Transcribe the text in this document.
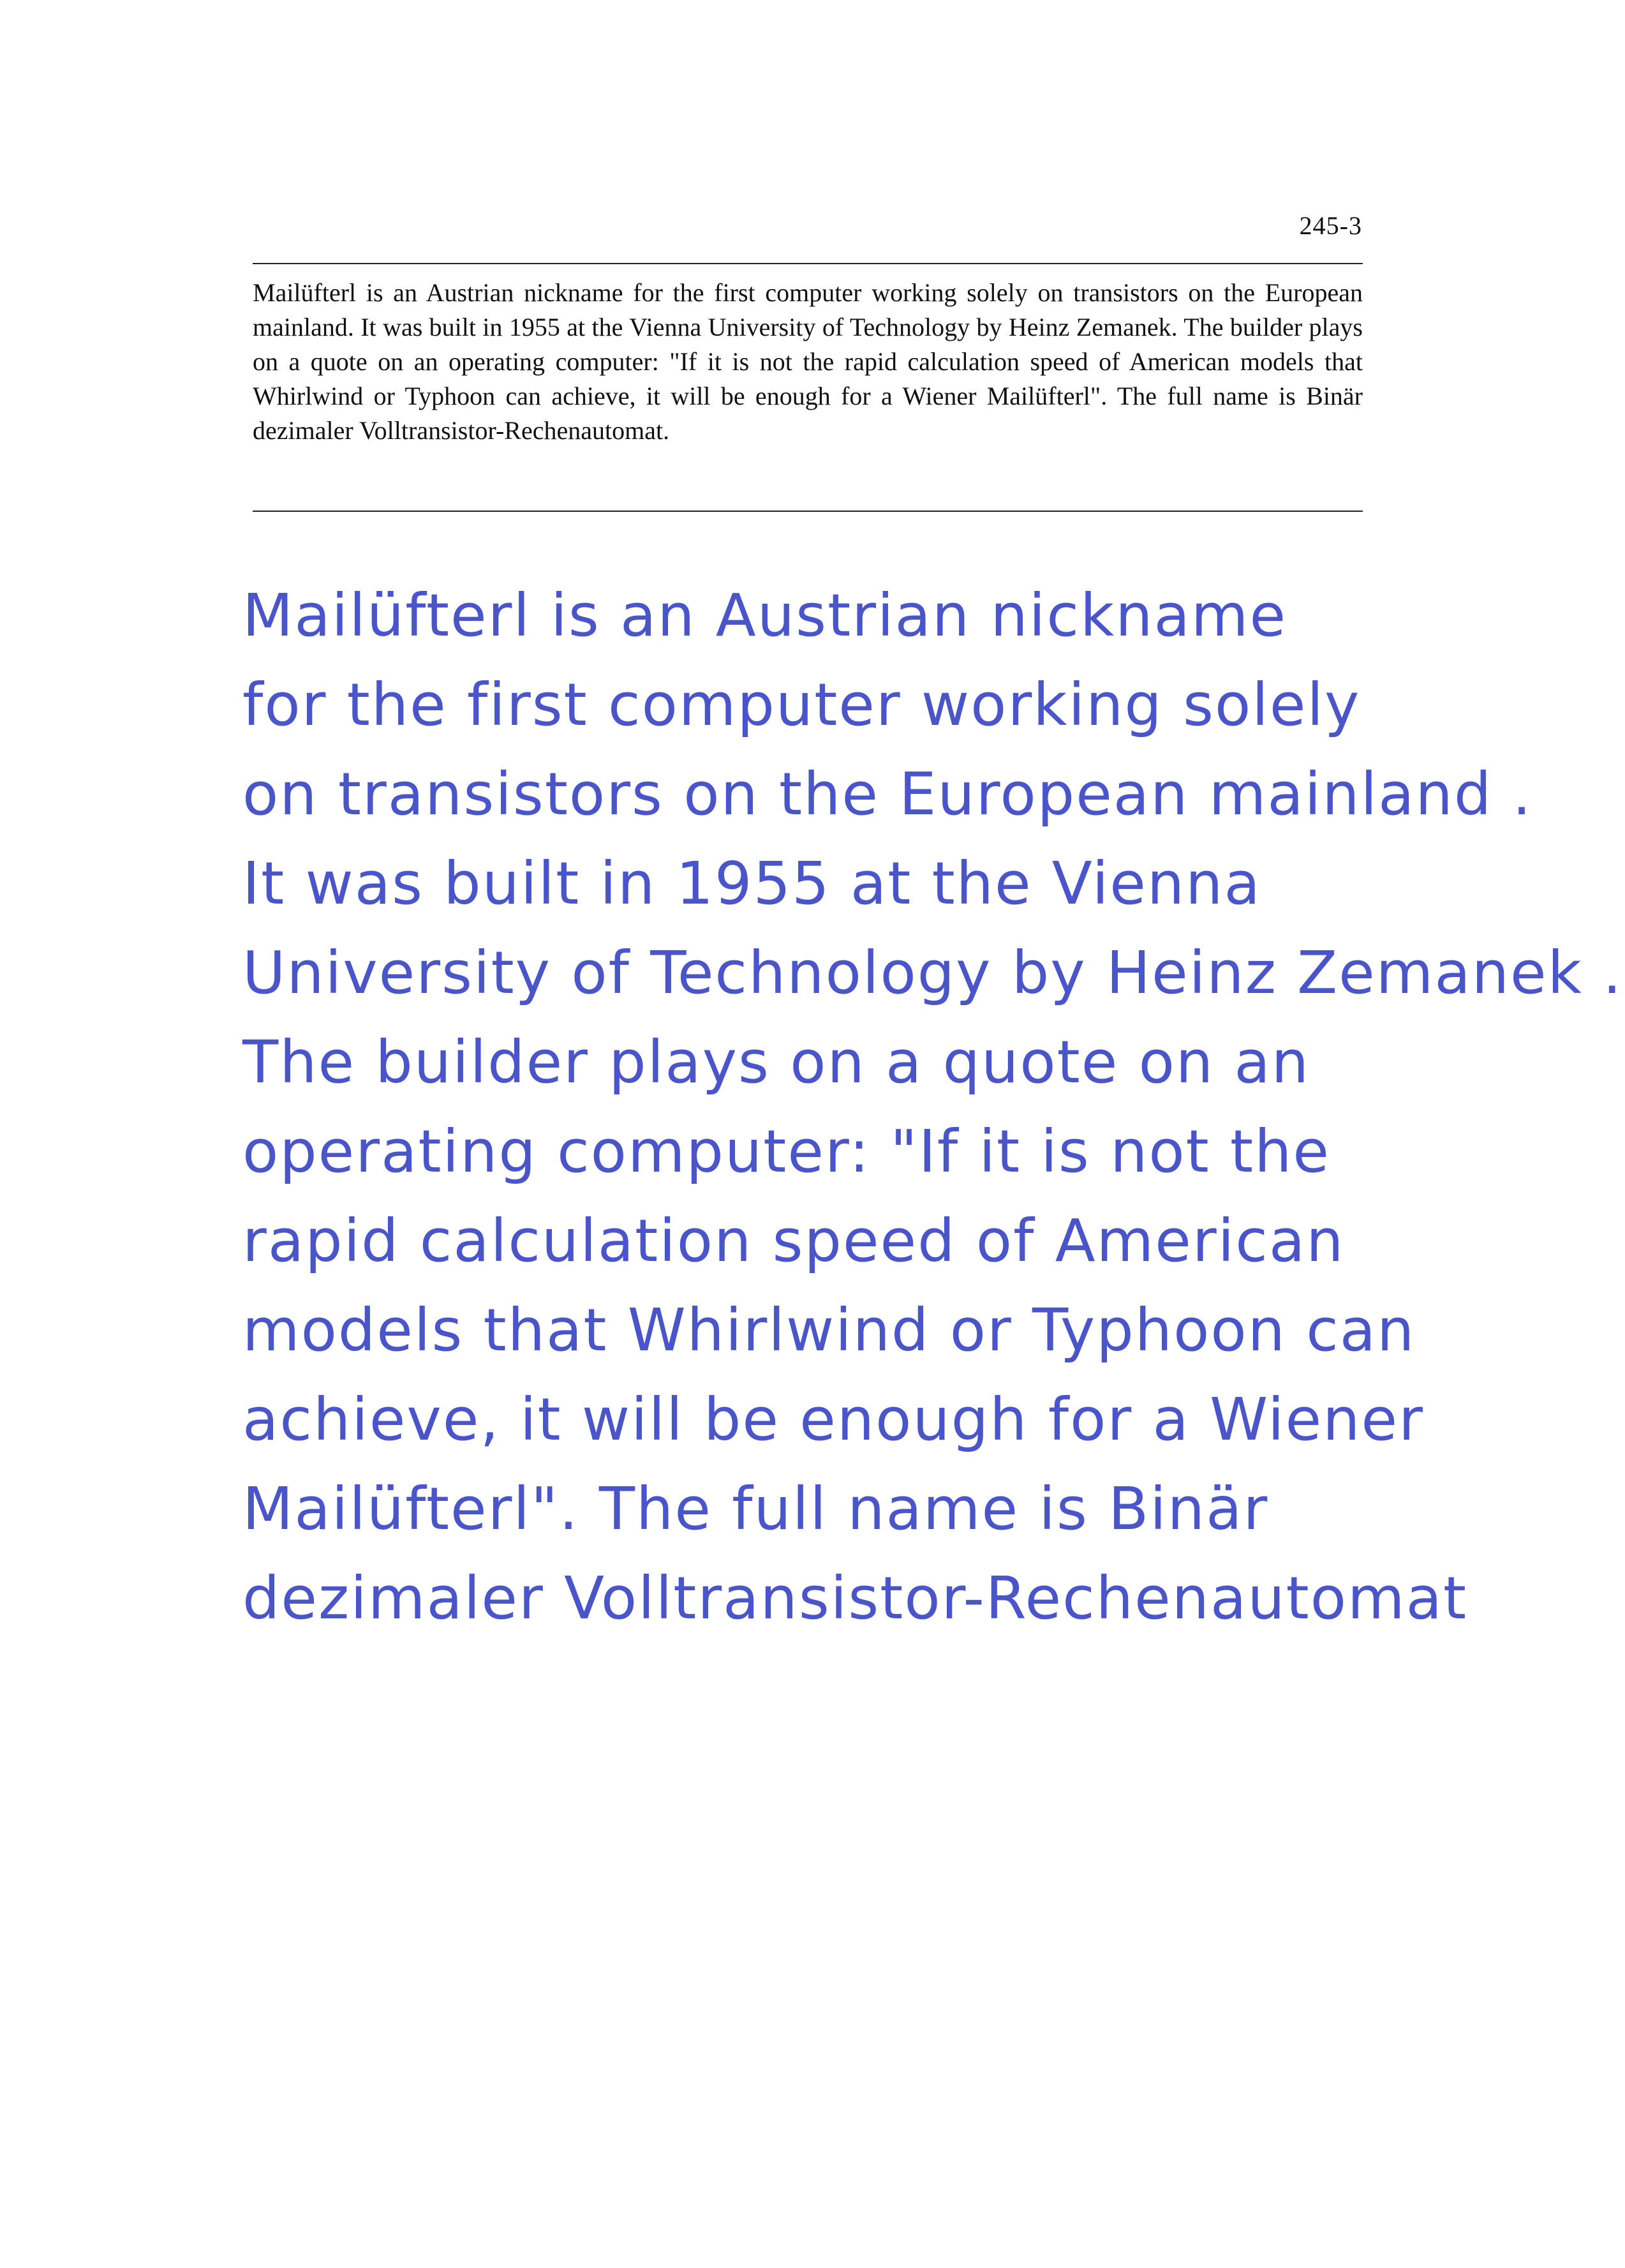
245-3

Mailüfterl is an Austrian nickname for the first computer working solely on transistors on the European mainland. It was built in 1955 at the Vienna University of Technology by Heinz Zemanek. The builder plays on a quote on an operating computer: "If it is not the rapid calculation speed of American models that Whirlwind or Typhoon can achieve, it will be enough for a Wiener Mailüfterl". The full name is Binär dezimaler Volltransistor-Rechenautomat.

Mailüfterl is an Austrian nickname
for the first computer working solely
on transistors on the European mainland .
It was built in 1955 at the Vienna
University of Technology by Heinz Zemanek .
The builder plays on a quote on an
operating computer: "If it is not the
rapid calculation speed of American
models that Whirlwind or Typhoon can
achieve, it will be enough for a Wiener
Mailüfterl". The full name is Binär
dezimaler Volltransistor-Rechenautomat
